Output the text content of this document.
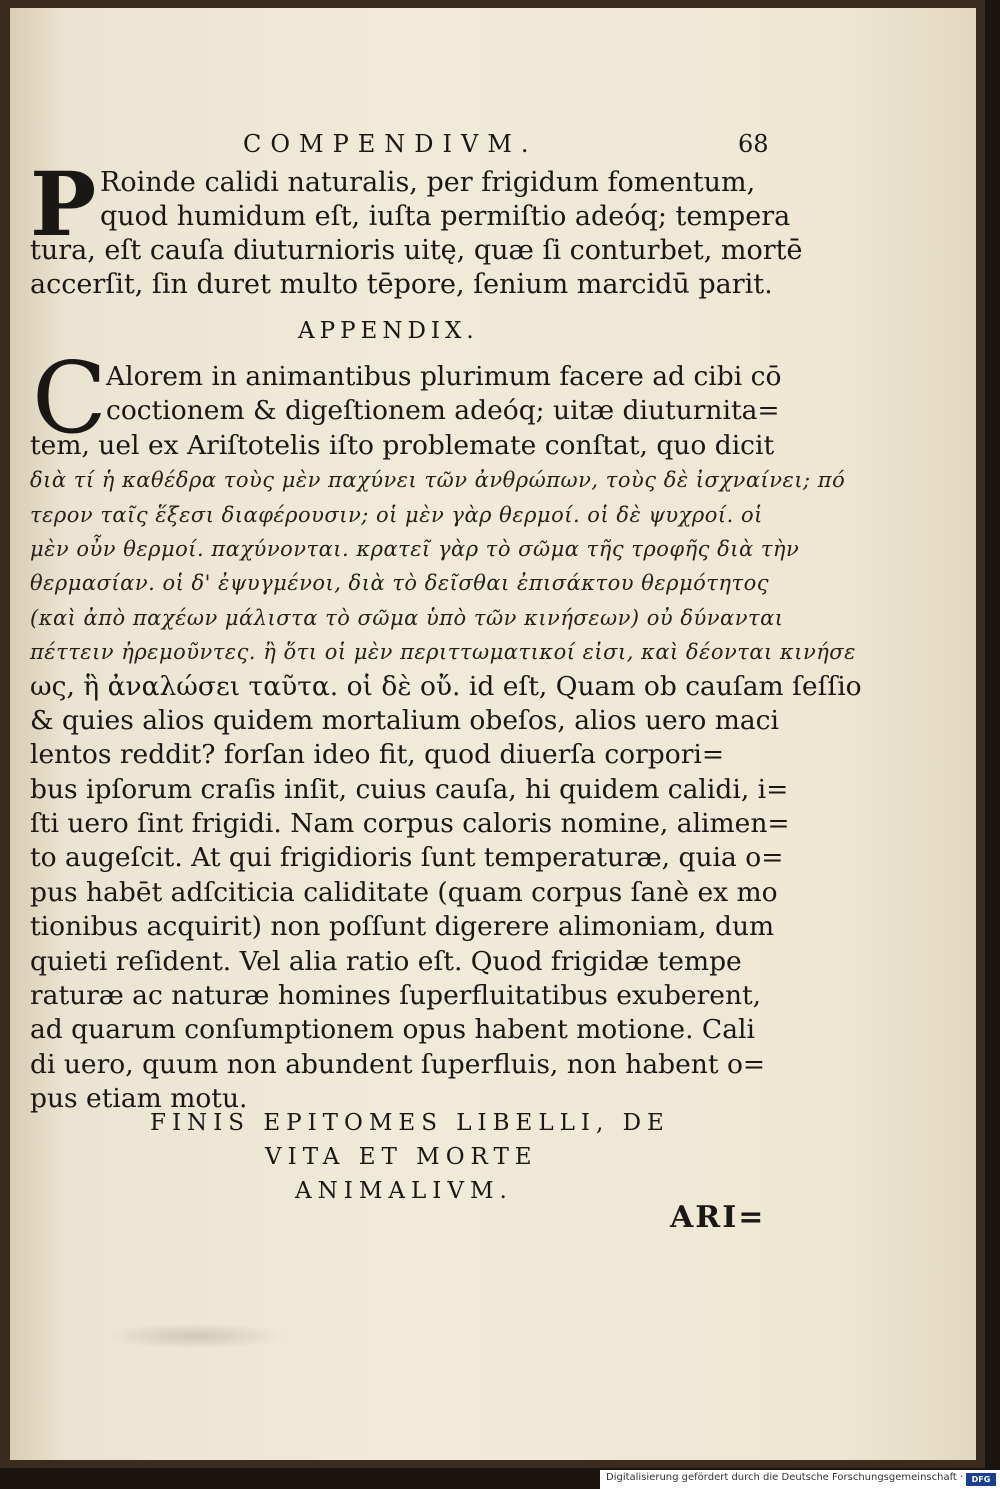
COMPENDIVM.	68
P Roinde calidi naturalis, per frigidum fomentum,
quod humidum eſt, iuſta permiſtio adeóq; tempera
tura, eſt cauſa diuturnioris uitę, quæ ſi conturbet, mortē
accerſit, ſin duret multo tēpore, ſenium marcidū parit.
APPENDIX.
C Alorem in animantibus plurimum facere ad cibi cō
coctionem & digeſtionem adeóq; uitæ diuturnita=
tem, uel ex Ariſtotelis iſto problemate conſtat, quo dicit
διὰ τί ἡ καθέδρα τοὺς μὲν παχύνει τῶν ἀνθρώπων, τοὺς δὲ ἰσχναίνει; πό
τερον ταῖς ἕξεσι διαφέρουσιν; οἱ μὲν γὰρ θερμοί. οἱ δὲ ψυχροί. οἱ
μὲν οὖν θερμοί. παχύνονται. κρατεῖ γὰρ τὸ σῶμα τῆς τροφῆς διὰ τὴν
θερμασίαν. οἱ δ' ἐψυγμένοι, διὰ τὸ δεῖσθαι ἐπισάκτου θερμότητος
(καὶ ἀπὸ παχέων μάλιστα τὸ σῶμα ὑπὸ τῶν κινήσεων) οὐ δύνανται
πέττειν ἠρεμοῦντες. ἢ ὅτι οἱ μὲν περιττωματικοί εἰσι, καὶ δέονται κινήσε
ως, ἣ ἀναλώσει ταῦτα. οἱ δὲ οὔ. id eſt, Quam ob cauſam ſeſſio
& quies alios quidem mortalium obeſos, alios uero maci
lentos reddit? forſan ideo fit, quod diuerſa corpori=
bus ipſorum craſis inſit, cuius cauſa, hi quidem calidi, i=
ſti uero ſint frigidi. Nam corpus caloris nomine, alimen=
to augeſcit. At qui frigidioris ſunt temperaturæ, quia o=
pus habēt adſciticia caliditate (quam corpus ſanè ex mo
tionibus acquirit) non poſſunt digerere alimoniam, dum
quieti reſident. Vel alia ratio eſt. Quod frigidæ tempe
raturæ ac naturæ homines ſuperfluitatibus exuberent,
ad quarum conſumptionem opus habent motione. Cali
di uero, quum non abundent ſuperfluis, non habent o=
pus etiam motu.
FINIS EPITOMES LIBELLI, DE
VITA ET MORTE
ANIMALIVM.
ARI=
Digitalisierung gefördert durch die Deutsche Forschungsgemeinschaft ·	DFG
